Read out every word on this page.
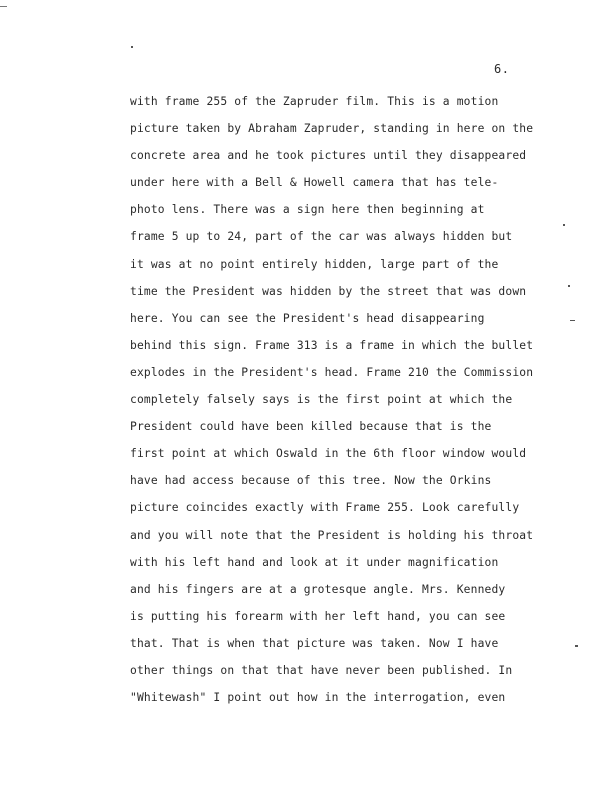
6.
with frame 255 of the Zapruder film. This is a motion
picture taken by Abraham Zapruder, standing in here on the
concrete area and he took pictures until they disappeared
under here with a Bell & Howell camera that has tele-
photo lens. There was a sign here then beginning at
frame 5 up to 24, part of the car was always hidden but
it was at no point entirely hidden, large part of the
time the President was hidden by the street that was down
here. You can see the President's head disappearing
behind this sign. Frame 313 is a frame in which the bullet
explodes in the President's head. Frame 210 the Commission
completely falsely says is the first point at which the
President could have been killed because that is the
first point at which Oswald in the 6th floor window would
have had access because of this tree. Now the Orkins
picture coincides exactly with Frame 255. Look carefully
and you will note that the President is holding his throat
with his left hand and look at it under magnification
and his fingers are at a grotesque angle. Mrs. Kennedy
is putting his forearm with her left hand, you can see
that. That is when that picture was taken. Now I have
other things on that that have never been published. In
"Whitewash" I point out how in the interrogation, even
